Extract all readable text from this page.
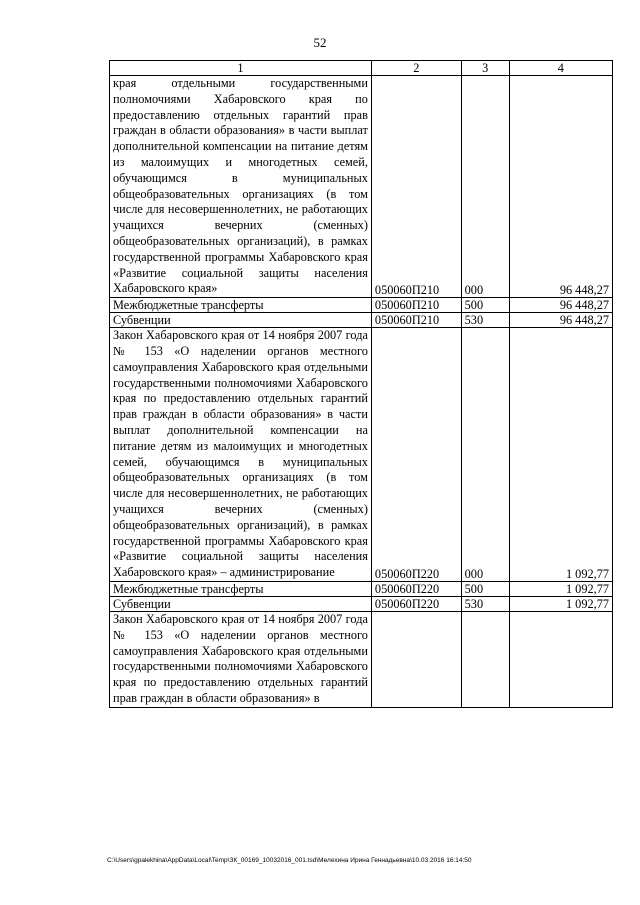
52
1	2	3	4
края отдельными государственными полномочиями Хабаровского края по предоставлению отдельных гарантий прав граждан в области образования» в части выплат дополнительной компенсации на питание детям из малоимущих и многодетных семей, обучающимся в муниципальных общеобразовательных организациях (в том числе для несовершеннолетних, не работающих учащихся вечерних (сменных) общеобразовательных организаций), в рамках государственной программы Хабаровского края «Развитие социальной защиты населения Хабаровского края»	050060П210	000	96 448,27
Межбюджетные трансферты	050060П210	500	96 448,27
Субвенции	050060П210	530	96 448,27
Закон Хабаровского края от 14 ноября 2007 года № 153 «О наделении органов местного самоуправления Хабаровского края отдельными государственными полномочиями Хабаровского края по предоставлению отдельных гарантий прав граждан в области образования» в части выплат дополнительной компенсации на питание детям из малоимущих и многодетных семей, обучающимся в муниципальных общеобразовательных организациях (в том числе для несовершеннолетних, не работающих учащихся вечерних (сменных) общеобразовательных организаций), в рамках государственной программы Хабаровского края «Развитие социальной защиты населения Хабаровского края» – администрирование	050060П220	000	1 092,77
Межбюджетные трансферты	050060П220	500	1 092,77
Субвенции	050060П220	530	1 092,77
Закон Хабаровского края от 14 ноября 2007 года № 153 «О наделении органов местного самоуправления Хабаровского края отдельными государственными полномочиями Хабаровского края по предоставлению отдельных гарантий прав граждан в области образования» в			
C:\Users\gpalekhina\AppData\Local\Temp\ЗК_00169_10032016_001.tsd\Мелехина Ирина Геннадьевна\10.03.2016 16:14:50
